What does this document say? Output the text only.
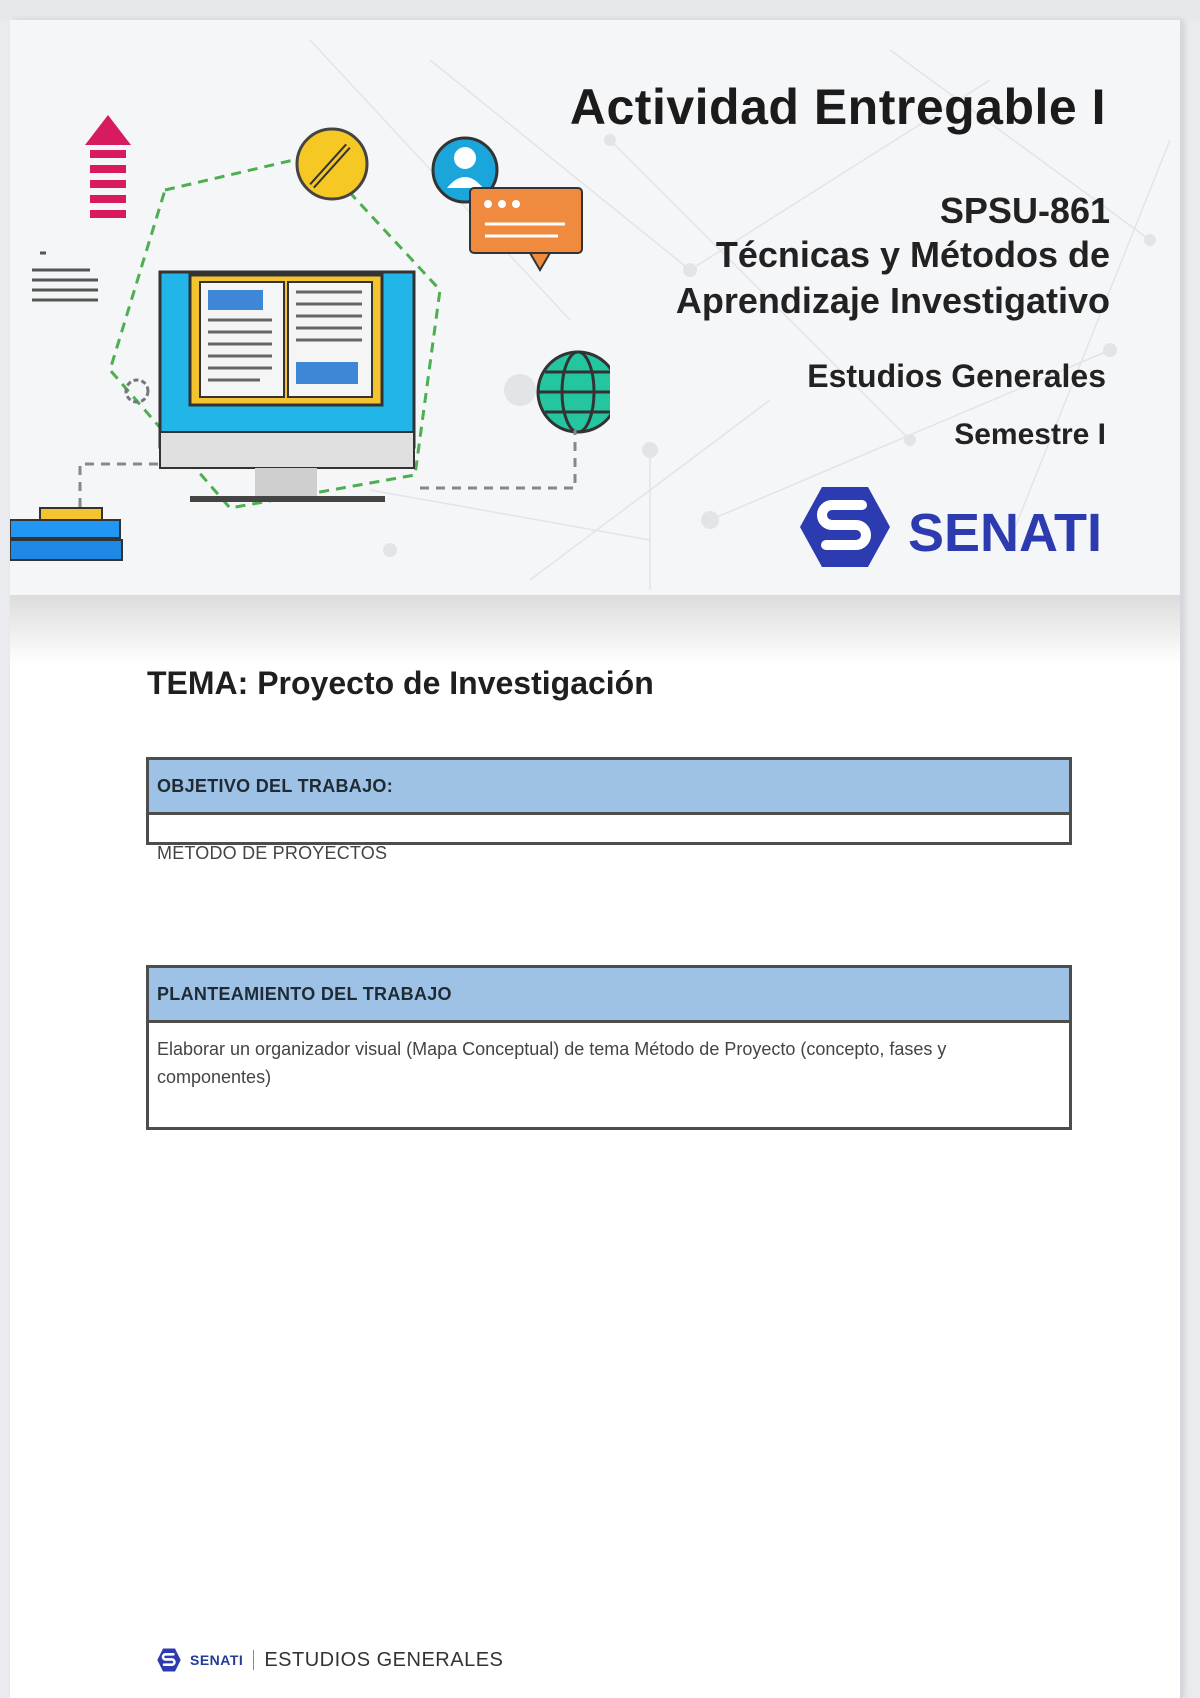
Actividad Entregable I

SPSU-861

Técnicas y Métodos de Aprendizaje Investigativo

Estudios Generales

Semestre I

SENATI
TEMA: Proyecto de Investigación
OBJETIVO DEL TRABAJO:
MÉTODO DE PROYECTOS
PLANTEAMIENTO DEL TRABAJO
Elaborar un organizador visual (Mapa Conceptual) de tema Método de Proyecto (concepto, fases y componentes)
SENATI ESTUDIOS GENERALES
